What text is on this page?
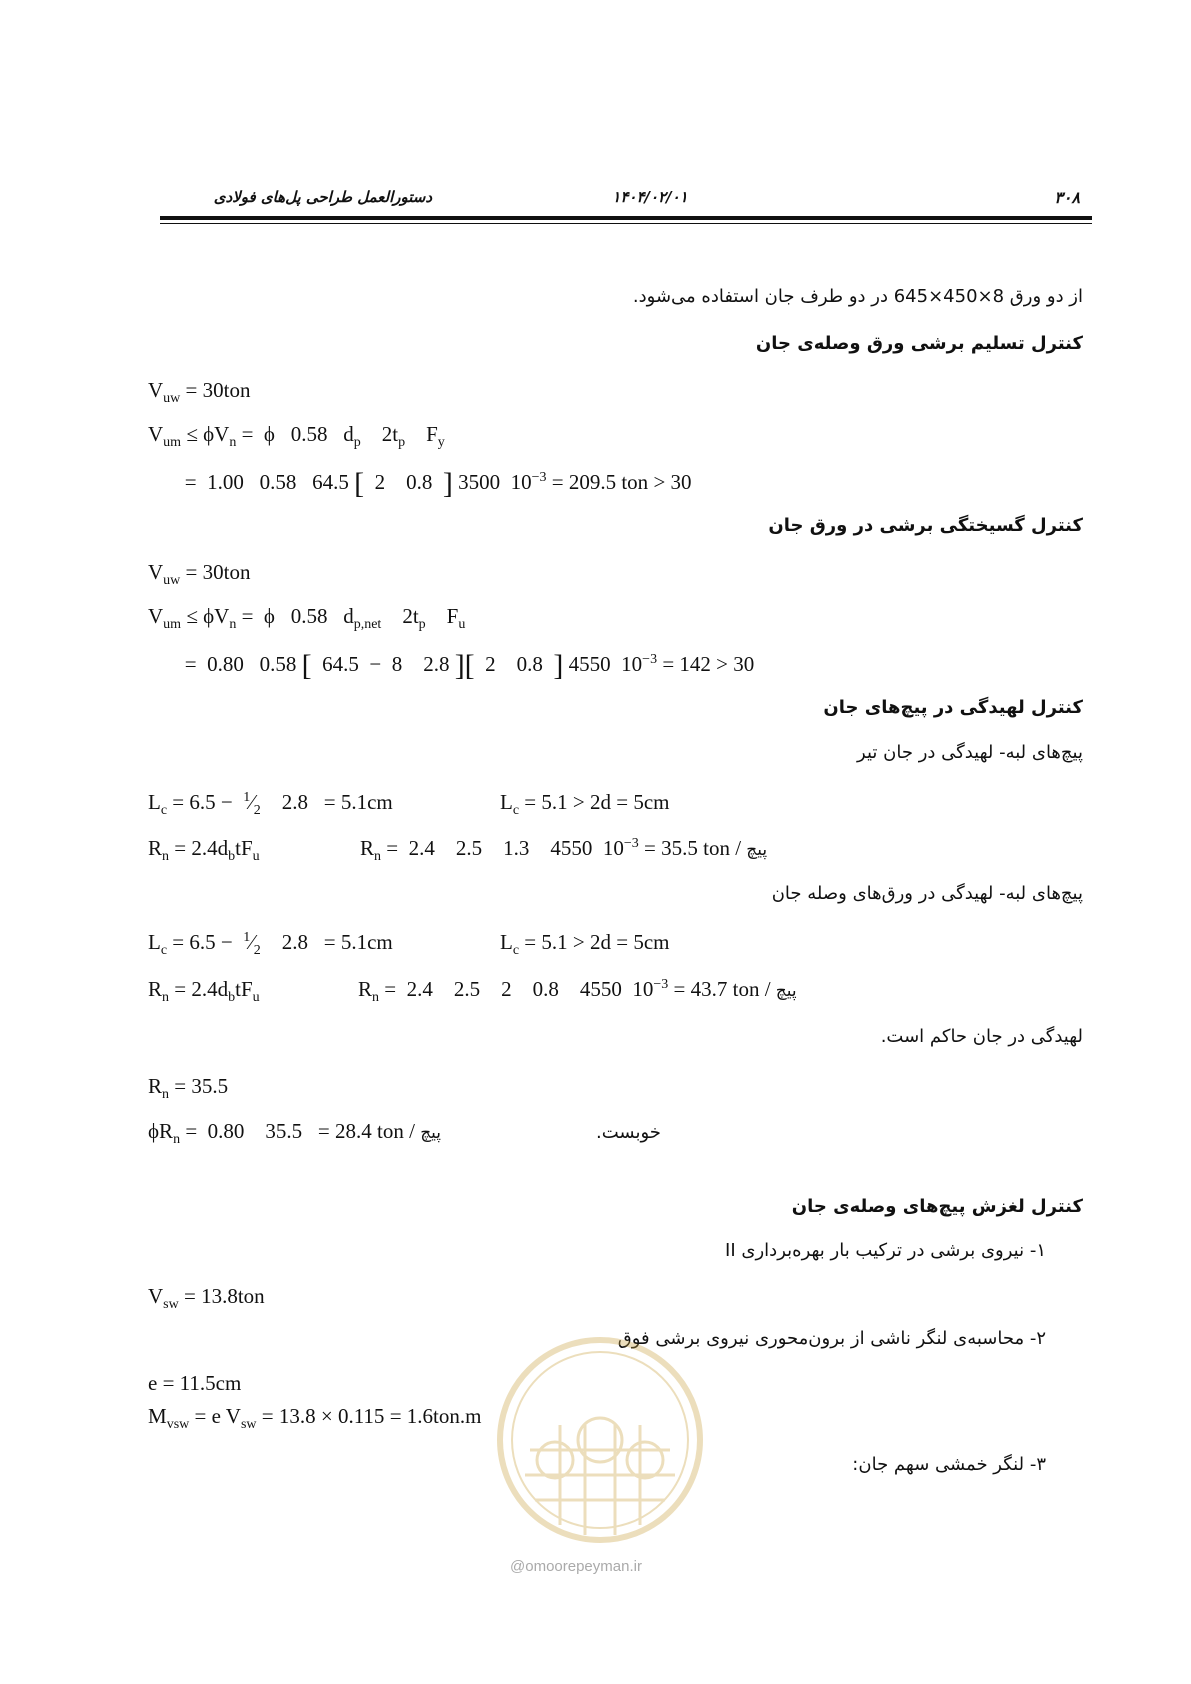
دستورالعمل طراحی پل‌های فولادی	۱۴۰۴/۰۲/۰۱	۳۰۸
از دو ورق 8×450×645 در دو طرف جان استفاده می‌شود.
کنترل تسلیم برشی ورق وصله‌ی جان
$V_{uw} = 30ton$
$V_{um} \le \phi V_n = \phi$   0.58   $d_p$ $2t_p$    $F_y$
=  1.00 0.58 64.5 [ 2 0.8 ] 3500 $10^{-3} = 209.5$ ton > 30
کنترل گسیختگی برشی در ورق جان
$V_{uw} = 30ton$
$V_{um} \le \phi V_n = \phi$   0.58   $d_{p,net}$ $2t_p$    $F_u$
=  0.80 0.58 [ 64.5  −  8 2.8 ][ 2 0.8 ] 4550 $10^{-3} = 142 > 30$
کنترل لهیدگی در پیچ‌های جان
پیچ‌های لبه- لهیدگی در جان تیر
$L_c = 6.5$ −  $^1⁄_2$ 2.8   = 5.1cm	$L_c = 5.1 > 2d = 5cm$
$R_n = 2.4d_btF_u$	$R_n = 2.4$ 2.5 1.3 4550 $10^{-3} = 35.5$ ton / پیچ
پیچ‌های لبه- لهیدگی در ورق‌های وصله جان
$L_c = 6.5$ −  $^1⁄_2$ 2.8   = 5.1cm	$L_c = 5.1 > 2d = 5cm$
$R_n = 2.4d_btF_u$	$R_n = 2.4$ 2.5 2 0.8 4550 $10^{-3} = 43.7$ ton / پیچ
لهیدگی در جان حاکم است.
$R_n = 35.5$
$\phi R_n = 0.80$ 35.5   = 28.4 ton / پیچ	خوبست.
کنترل لغزش پیچ‌های وصله‌ی جان
۱- نیروی برشی در ترکیب بار بهره‌برداری II
$V_{sw} = 13.8ton$
۲- محاسبه‌ی لنگر ناشی از برون‌محوری نیروی برشی فوق
e = 11.5cm
$M_{vsw} = e$ $V_{sw} = 13.8 \times 0.115 = 1.6ton.m$
۳- لنگر خمشی سهم جان:
@omoorepeyman.ir
